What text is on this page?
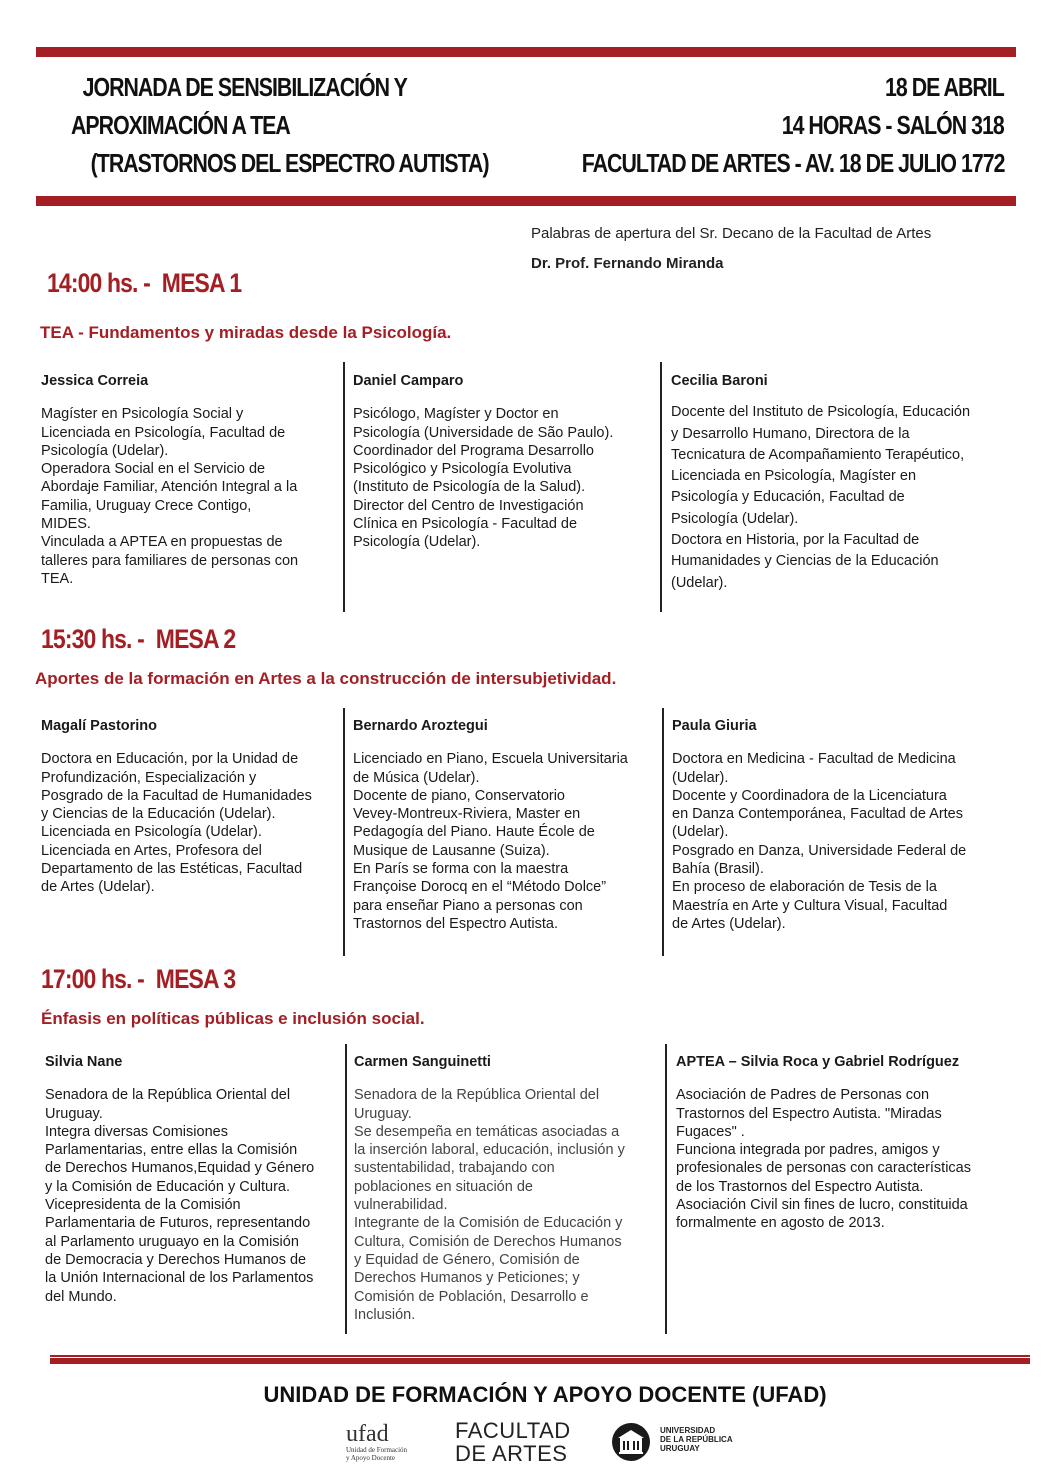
JORNADA DE SENSIBILIZACIÓN Y
APROXIMACIÓN A TEA
(TRASTORNOS DEL ESPECTRO AUTISTA)
18 DE ABRIL
14 HORAS - SALÓN 318
FACULTAD DE ARTES - AV. 18 DE JULIO 1772
Palabras de apertura del Sr. Decano de la Facultad de Artes
Dr. Prof. Fernando Miranda
14:00 hs. - MESA 1
TEA - Fundamentos y miradas desde la Psicología.
Jessica Correia
Magíster en Psicología Social y
Licenciada en Psicología, Facultad de
Psicología (Udelar).
Operadora Social en el Servicio de
Abordaje Familiar, Atención Integral a la
Familia, Uruguay Crece Contigo,
MIDES.
Vinculada a APTEA en propuestas de
talleres para familiares de personas con
TEA.
Daniel Camparo
Psicólogo, Magíster y Doctor en
Psicología (Universidade de São Paulo).
Coordinador del Programa Desarrollo
Psicológico y Psicología Evolutiva
(Instituto de Psicología de la Salud).
Director del Centro de Investigación
Clínica en Psicología - Facultad de
Psicología (Udelar).
Cecilia Baroni
Docente del Instituto de Psicología, Educación
y Desarrollo Humano, Directora de la
Tecnicatura de Acompañamiento Terapéutico,
Licenciada en Psicología, Magíster en
Psicología y Educación, Facultad de
Psicología (Udelar).
Doctora en Historia, por la Facultad de
Humanidades y Ciencias de la Educación
(Udelar).
15:30 hs. - MESA 2
Aportes de la formación en Artes a la construcción de intersubjetividad.
Magalí Pastorino
Doctora en Educación, por la Unidad de
Profundización, Especialización y
Posgrado de la Facultad de Humanidades
y Ciencias de la Educación (Udelar).
Licenciada en Psicología (Udelar).
Licenciada en Artes, Profesora del
Departamento de las Estéticas, Facultad
de Artes (Udelar).
Bernardo Aroztegui
Licenciado en Piano, Escuela Universitaria
de Música (Udelar).
Docente de piano, Conservatorio
Vevey-Montreux-Riviera, Master en
Pedagogía del Piano. Haute École de
Musique de Lausanne (Suiza).
En París se forma con la maestra
Françoise Dorocq en el “Método Dolce”
para enseñar Piano a personas con
Trastornos del Espectro Autista.
Paula Giuria
Doctora en Medicina - Facultad de Medicina
(Udelar).
Docente y Coordinadora de la Licenciatura
en Danza Contemporánea, Facultad de Artes
(Udelar).
Posgrado en Danza, Universidade Federal de
Bahía (Brasil).
En proceso de elaboración de Tesis de la
Maestría en Arte y Cultura Visual, Facultad
de Artes (Udelar).
17:00 hs. - MESA 3
Énfasis en políticas públicas e inclusión social.
Silvia Nane
Senadora de la República Oriental del
Uruguay.
Integra diversas Comisiones
Parlamentarias, entre ellas la Comisión
de Derechos Humanos,Equidad y Género
y la Comisión de Educación y Cultura.
Vicepresidenta de la Comisión
Parlamentaria de Futuros, representando
al Parlamento uruguayo en la Comisión
de Democracia y Derechos Humanos de
la Unión Internacional de los Parlamentos
del Mundo.
Carmen Sanguinetti
Senadora de la República Oriental del
Uruguay.
Se desempeña en temáticas asociadas a
la inserción laboral, educación, inclusión y
sustentabilidad, trabajando con
poblaciones en situación de
vulnerabilidad.
Integrante de la Comisión de Educación y
Cultura, Comisión de Derechos Humanos
y Equidad de Género, Comisión de
Derechos Humanos y Peticiones; y
Comisión de Población, Desarrollo e
Inclusión.
APTEA – Silvia Roca y Gabriel Rodríguez
Asociación de Padres de Personas con
Trastornos del Espectro Autista. "Miradas
Fugaces" .
Funciona integrada por padres, amigos y
profesionales de personas con características
de los Trastornos del Espectro Autista.
Asociación Civil sin fines de lucro, constituida
formalmente en agosto de 2013.
UNIDAD DE FORMACIÓN Y APOYO DOCENTE (UFAD)
ufad
Unidad de Formación
y Apoyo Docente
FACULTAD
DE ARTES
UNIVERSIDAD
DE LA REPÚBLICA
URUGUAY
